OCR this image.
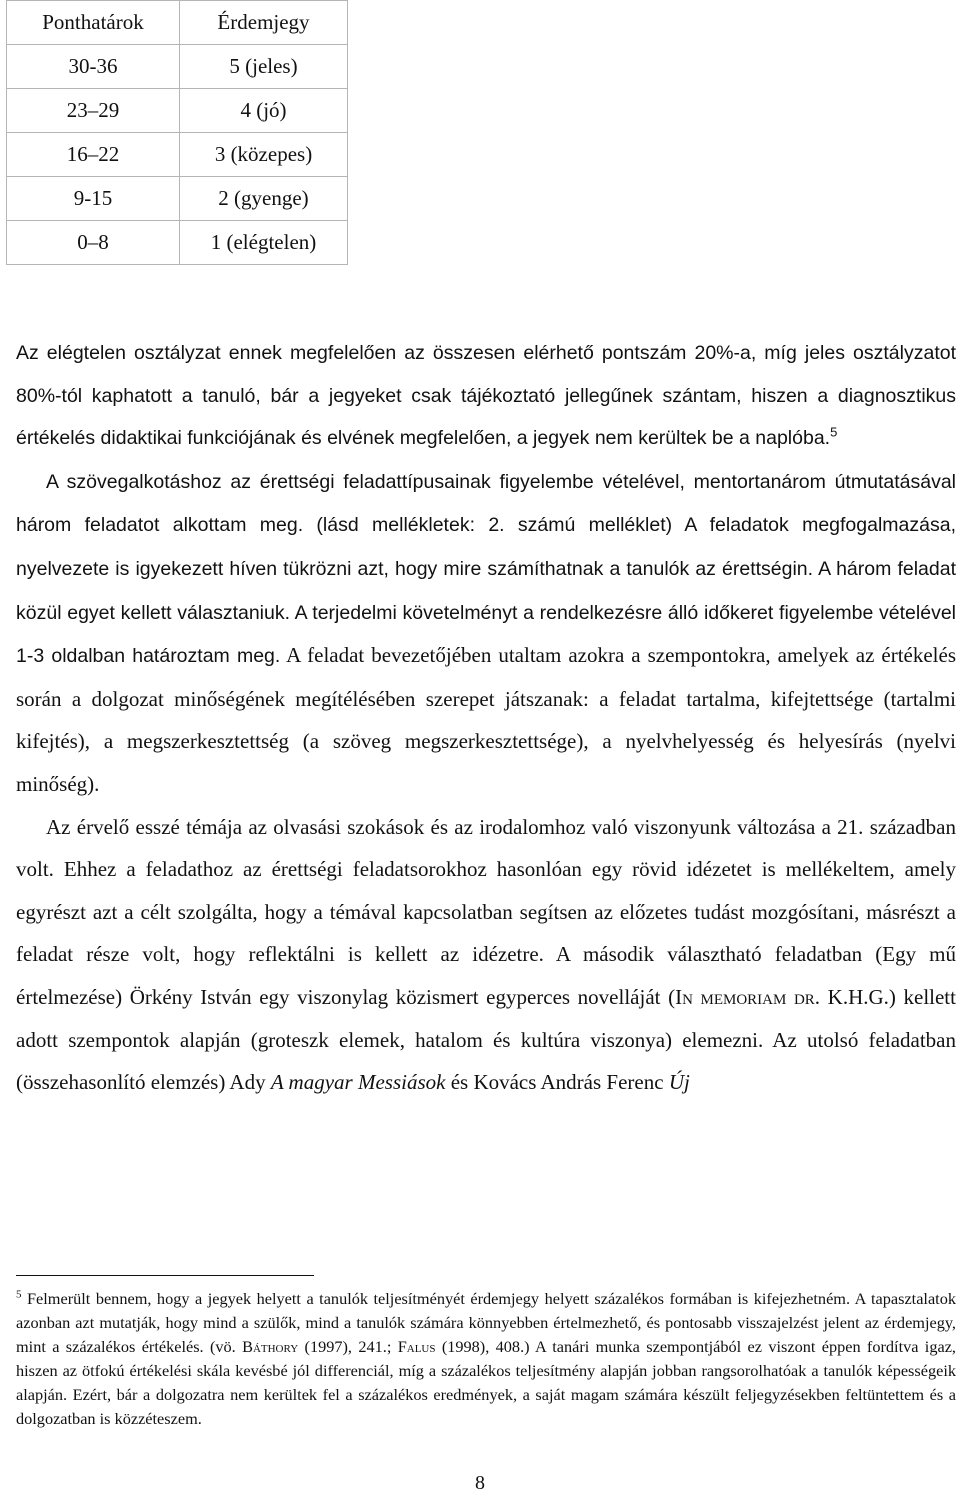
Ponthatárok	Érdemjegy
30-36	5 (jeles)
23–29	4 (jó)
16–22	3 (közepes)
9-15	2 (gyenge)
0–8	1 (elégtelen)

Az elégtelen osztályzat ennek megfelelően az összesen elérhető pontszám 20%-a, míg jeles osztályzatot 80%-tól kaphatott a tanuló, bár a jegyeket csak tájékoztató jellegűnek szántam, hiszen a diagnosztikus értékelés didaktikai funkciójának és elvének megfelelően, a jegyek nem kerültek be a naplóba.$^5$

A szövegalkotáshoz az érettségi feladattípusainak figyelembe vételével, mentortanárom útmutatásával három feladatot alkottam meg. (lásd mellékletek: 2. számú melléklet) A feladatok megfogalmazása, nyelvezete is igyekezett híven tükrözni azt, hogy mire számíthatnak a tanulók az érettségin. A három feladat közül egyet kellett választaniuk. A terjedelmi követelményt a rendelkezésre álló időkeret figyelembe vételével 1-3 oldalban határoztam meg. A feladat bevezetőjében utaltam azokra a szempontokra, amelyek az értékelés során a dolgozat minőségének megítélésében szerepet játszanak: a feladat tartalma, kifejtettsége (tartalmi kifejtés), a megszerkesztettség (a szöveg megszerkesztettsége), a nyelvhelyesség és helyesírás (nyelvi minőség).

Az érvelő esszé témája az olvasási szokások és az irodalomhoz való viszonyunk változása a 21. században volt. Ehhez a feladathoz az érettségi feladatsorokhoz hasonlóan egy rövid idézetet is mellékeltem, amely egyrészt azt a célt szolgálta, hogy a témával kapcsolatban segítsen az előzetes tudást mozgósítani, másrészt a feladat része volt, hogy reflektálni is kellett az idézetre. A második választható feladatban (Egy mű értelmezése) Örkény István egy viszonylag közismert egyperces novelláját (In memoriam dr. K.H.G.) kellett adott szempontok alapján (groteszk elemek, hatalom és kultúra viszonya) elemezni. Az utolsó feladatban (összehasonlító elemzés) Ady A magyar Messiások és Kovács András Ferenc Új

$^5$ Felmerült bennem, hogy a jegyek helyett a tanulók teljesítményét érdemjegy helyett százalékos formában is kifejezhetném. A tapasztalatok azonban azt mutatják, hogy mind a szülők, mind a tanulók számára könnyebben értelmezhető, és pontosabb visszajelzést jelent az érdemjegy, mint a százalékos értékelés. (vö. Báthory (1997), 241.; Falus (1998), 408.) A tanári munka szempontjából ez viszont éppen fordítva igaz, hiszen az ötfokú értékelési skála kevésbé jól differenciál, míg a százalékos teljesítmény alapján jobban rangsorolhatóak a tanulók képességeik alapján. Ezért, bár a dolgozatra nem kerültek fel a százalékos eredmények, a saját magam számára készült feljegyzésekben feltüntettem és a dolgozatban is közzéteszem.
8
